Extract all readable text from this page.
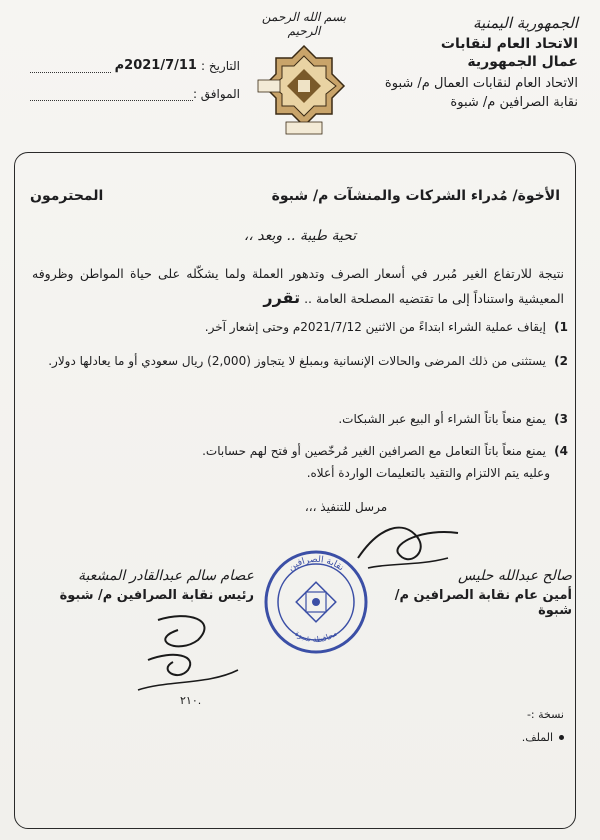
الجمهورية اليمنية
الاتحاد العام لنقابات
عمال الجمهورية
الاتحاد العام لنقابات العمال م/ شبوة
نقابة الصرافين م/ شبوة
بسم الله الرحمن الرحيم
التاريخ :
2021/7/11م
الموافق :
الأخوة/ مُدراء الشركات والمنشآت م/ شبوة
المحترمون
تحية طيبة .. وبعد ،،
نتيجة للارتفاع الغير مُبرر في أسعار الصرف وتدهور العملة ولما يشكّله على حياة المواطن وظروفه المعيشية واستناداً إلى ما تقتضيه المصلحة العامة .. تقرر
1)
إيقاف عملية الشراء ابتداءً من الاثنين 2021/7/12م وحتى إشعار آخر.
2)
يستثنى من ذلك المرضى والحالات الإنسانية وبمبلغ لا يتجاوز (2,000) ريال سعودي أو ما يعادلها دولار.
3)
يمنع منعاً باتاً الشراء أو البيع عبر الشبكات.
4)
يمنع منعاً باتاً التعامل مع الصرافين الغير مُرخّصين أو فتح لهم حسابات.
وعليه يتم الالتزام والتقيد بالتعليمات الواردة أعلاه.
مرسل للتنفيذ ،،،
٢١٠.
نقابة الصرافين
محافظة شبوة
صالح عبدالله حليس
أمين عام نقابة الصرافين م/ شبوة
عصام سالم عبدالقادر المشعبة
رئيس نقابة الصرافين م/ شبوة
نسخة :-
الملف.
